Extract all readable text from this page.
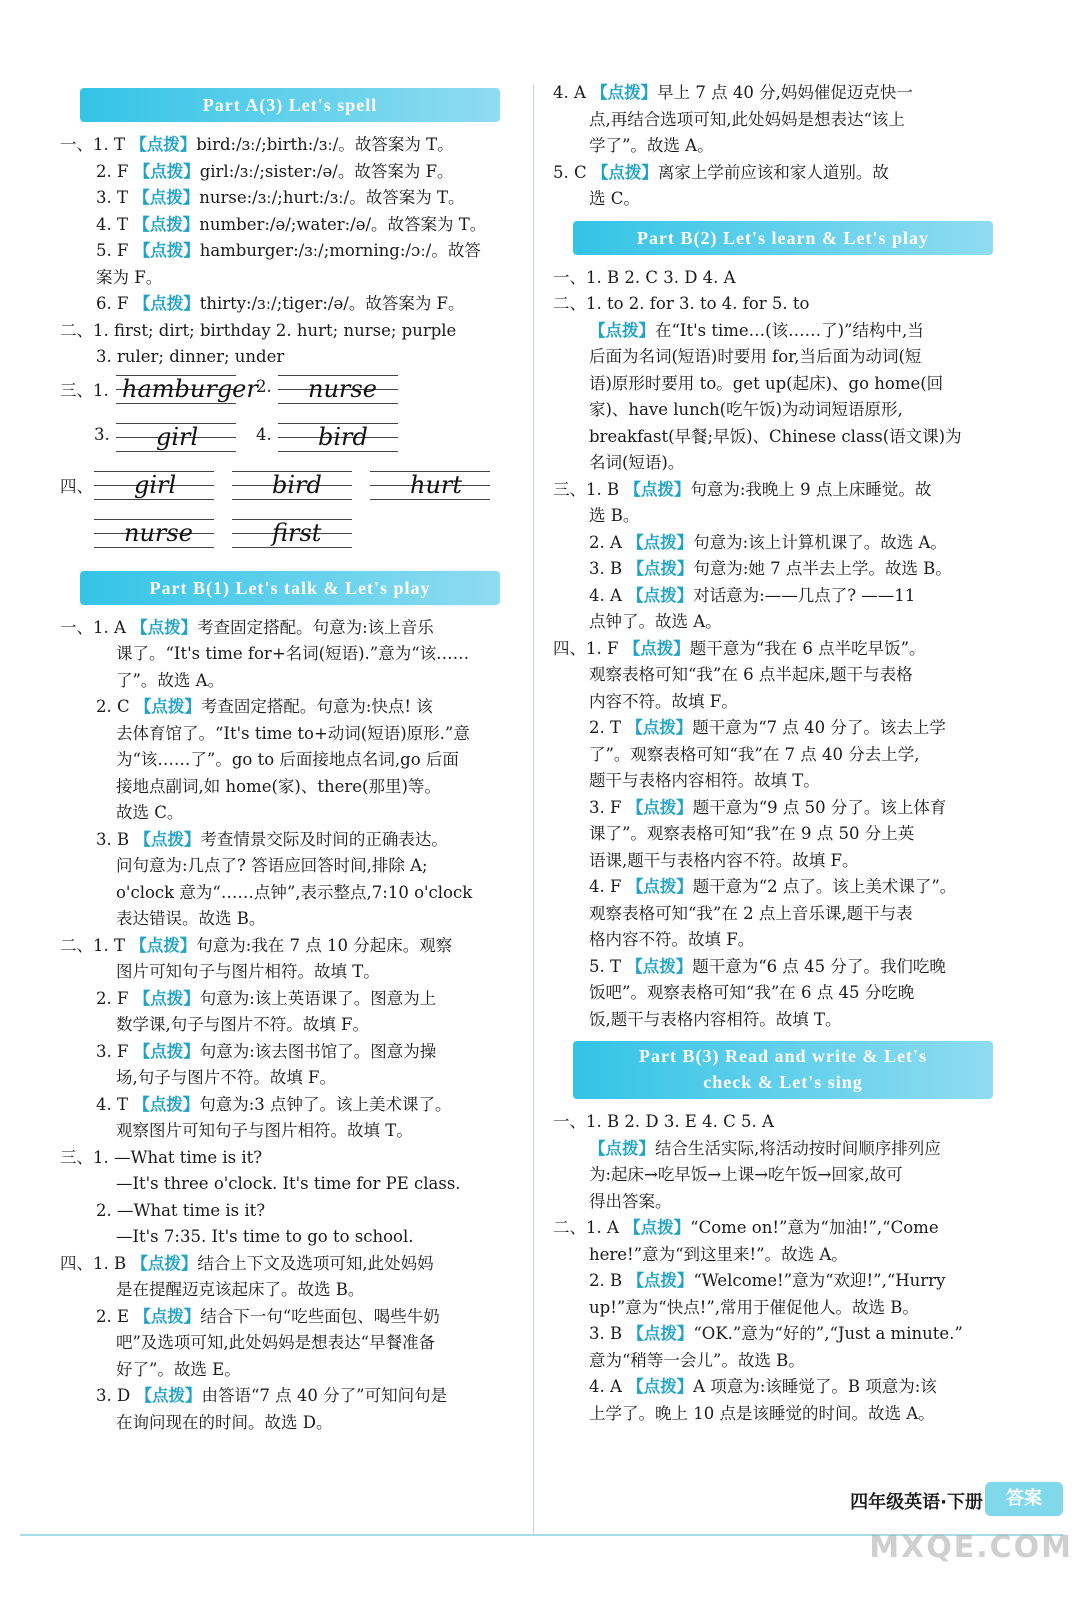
Part A(3) Let's spell
一、1. T 【点拨】bird:/ɜː/;birth:/ɜː/。故答案为 T。
2. F 【点拨】girl:/ɜː/;sister:/ə/。故答案为 F。
3. T 【点拨】nurse:/ɜː/;hurt:/ɜː/。故答案为 T。
4. T 【点拨】number:/ə/;water:/ə/。故答案为 T。
5. F 【点拨】hamburger:/ɜː/;morning:/ɔː/。故答
案为 F。
6. F 【点拨】thirty:/ɜː/;tiger:/ə/。故答案为 F。
二、1. first; dirt; birthday 2. hurt; nurse; purple
3. ruler; dinner; under
三、1. hamburger
2. nurse
3. girl	4. bird
四、 girl	bird	hurt
nurse	first
Part B(1) Let's talk & Let's play
一、1. A 【点拨】考查固定搭配。句意为:该上音乐
课了。“It's time for+名词(短语).”意为“该……
了”。故选 A。
2. C 【点拨】考查固定搭配。句意为:快点! 该
去体育馆了。“It's time to+动词(短语)原形.”意
为“该……了”。go to 后面接地点名词,go 后面
接地点副词,如 home(家)、there(那里)等。
故选 C。
3. B 【点拨】考查情景交际及时间的正确表达。
问句意为:几点了? 答语应回答时间,排除 A;
o'clock 意为“……点钟”,表示整点,7:10 o'clock
表达错误。故选 B。
二、1. T 【点拨】句意为:我在 7 点 10 分起床。观察
图片可知句子与图片相符。故填 T。
2. F 【点拨】句意为:该上英语课了。图意为上
数学课,句子与图片不符。故填 F。
3. F 【点拨】句意为:该去图书馆了。图意为操
场,句子与图片不符。故填 F。
4. T 【点拨】句意为:3 点钟了。该上美术课了。
观察图片可知句子与图片相符。故填 T。
三、1. —What time is it?
—It's three o'clock. It's time for PE class.
2. —What time is it?
—It's 7:35. It's time to go to school.
四、1. B 【点拨】结合上下文及选项可知,此处妈妈
是在提醒迈克该起床了。故选 B。
2. E 【点拨】结合下一句“吃些面包、喝些牛奶
吧”及选项可知,此处妈妈是想表达“早餐准备
好了”。故选 E。
3. D 【点拨】由答语“7 点 40 分了”可知问句是
在询问现在的时间。故选 D。
4. A 【点拨】早上 7 点 40 分,妈妈催促迈克快一
点,再结合选项可知,此处妈妈是想表达“该上
学了”。故选 A。
5. C 【点拨】离家上学前应该和家人道别。故
选 C。
Part B(2) Let's learn & Let's play
一、1. B 2. C 3. D 4. A
二、1. to 2. for 3. to 4. for 5. to
【点拨】在“It's time…(该……了)”结构中,当
后面为名词(短语)时要用 for,当后面为动词(短
语)原形时要用 to。get up(起床)、go home(回
家)、have lunch(吃午饭)为动词短语原形,
breakfast(早餐;早饭)、Chinese class(语文课)为
名词(短语)。
三、1. B 【点拨】句意为:我晚上 9 点上床睡觉。故
选 B。
2. A 【点拨】句意为:该上计算机课了。故选 A。
3. B 【点拨】句意为:她 7 点半去上学。故选 B。
4. A 【点拨】对话意为:——几点了? ——11
点钟了。故选 A。
四、1. F 【点拨】题干意为“我在 6 点半吃早饭”。
观察表格可知“我”在 6 点半起床,题干与表格
内容不符。故填 F。
2. T 【点拨】题干意为“7 点 40 分了。该去上学
了”。观察表格可知“我”在 7 点 40 分去上学,
题干与表格内容相符。故填 T。
3. F 【点拨】题干意为“9 点 50 分了。该上体育
课了”。观察表格可知“我”在 9 点 50 分上英
语课,题干与表格内容不符。故填 F。
4. F 【点拨】题干意为“2 点了。该上美术课了”。
观察表格可知“我”在 2 点上音乐课,题干与表
格内容不符。故填 F。
5. T 【点拨】题干意为“6 点 45 分了。我们吃晚
饭吧”。观察表格可知“我”在 6 点 45 分吃晚
饭,题干与表格内容相符。故填 T。
Part B(3) Read and write & Let's
check & Let's sing
一、1. B 2. D 3. E 4. C 5. A
【点拨】结合生活实际,将活动按时间顺序排列应
为:起床→吃早饭→上课→吃午饭→回家,故可
得出答案。
二、1. A 【点拨】“Come on!”意为“加油!”,“Come
here!”意为“到这里来!”。故选 A。
2. B 【点拨】“Welcome!”意为“欢迎!”,“Hurry
up!”意为“快点!”,常用于催促他人。故选 B。
3. B 【点拨】“OK.”意为“好的”,“Just a minute.”
意为“稍等一会儿”。故选 B。
4. A 【点拨】A 项意为:该睡觉了。B 项意为:该
上学了。晚上 10 点是该睡觉的时间。故选 A。
四年级英语·下册	答案
MXQE.COM
